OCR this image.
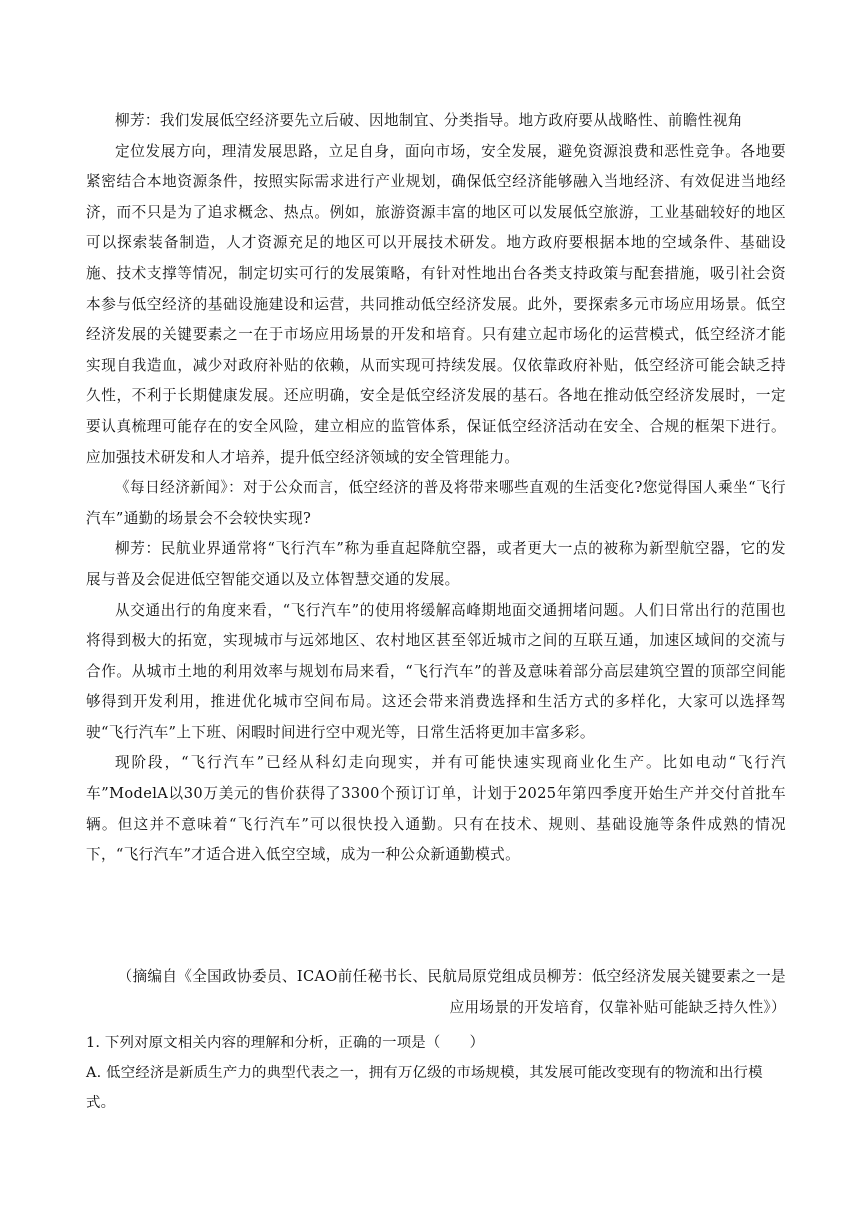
柳芳：我们发展低空经济要先立后破、因地制宜、分类指导。地方政府要从战略性、前瞻性视角

定位发展方向，理清发展思路，立足自身，面向市场，安全发展，避免资源浪费和恶性竞争。各地要紧密结合本地资源条件，按照实际需求进行产业规划，确保低空经济能够融入当地经济、有效促进当地经济，而不只是为了追求概念、热点。例如，旅游资源丰富的地区可以发展低空旅游，工业基础较好的地区可以探索装备制造，人才资源充足的地区可以开展技术研发。地方政府要根据本地的空域条件、基础设施、技术支撑等情况，制定切实可行的发展策略，有针对性地出台各类支持政策与配套措施，吸引社会资本参与低空经济的基础设施建设和运营，共同推动低空经济发展。此外，要探索多元市场应用场景。低空经济发展的关键要素之一在于市场应用场景的开发和培育。只有建立起市场化的运营模式，低空经济才能实现自我造血，减少对政府补贴的依赖，从而实现可持续发展。仅依靠政府补贴，低空经济可能会缺乏持久性，不利于长期健康发展。还应明确，安全是低空经济发展的基石。各地在推动低空经济发展时，一定要认真梳理可能存在的安全风险，建立相应的监管体系，保证低空经济活动在安全、合规的框架下进行。应加强技术研发和人才培养，提升低空经济领域的安全管理能力。

《每日经济新闻》：对于公众而言，低空经济的普及将带来哪些直观的生活变化?您觉得国人乘坐“飞行汽车”通勤的场景会不会较快实现?

柳芳：民航业界通常将“飞行汽车”称为垂直起降航空器，或者更大一点的被称为新型航空器，它的发展与普及会促进低空智能交通以及立体智慧交通的发展。

从交通出行的角度来看，“飞行汽车”的使用将缓解高峰期地面交通拥堵问题。人们日常出行的范围也将得到极大的拓宽，实现城市与远郊地区、农村地区甚至邻近城市之间的互联互通，加速区域间的交流与合作。从城市土地的利用效率与规划布局来看，“飞行汽车”的普及意味着部分高层建筑空置的顶部空间能够得到开发利用，推进优化城市空间布局。这还会带来消费选择和生活方式的多样化，大家可以选择驾驶“飞行汽车”上下班、闲暇时间进行空中观光等，日常生活将更加丰富多彩。

现阶段，“飞行汽车”已经从科幻走向现实，并有可能快速实现商业化生产。比如电动“飞行汽车”ModelA以30万美元的售价获得了3300个预订订单，计划于2025年第四季度开始生产并交付首批车辆。但这并不意味着“飞行汽车”可以很快投入通勤。只有在技术、规则、基础设施等条件成熟的情况下，“飞行汽车”才适合进入低空空域，成为一种公众新通勤模式。

（摘编自《全国政协委员、ICAO前任秘书长、民航局原党组成员柳芳：低空经济发展关键要素之一是
应用场景的开发培育，仅靠补贴可能缺乏持久性》）

1. 下列对原文相关内容的理解和分析，正确的一项是（　　）

A. 低空经济是新质生产力的典型代表之一，拥有万亿级的市场规模，其发展可能改变现有的物流和出行模式。
